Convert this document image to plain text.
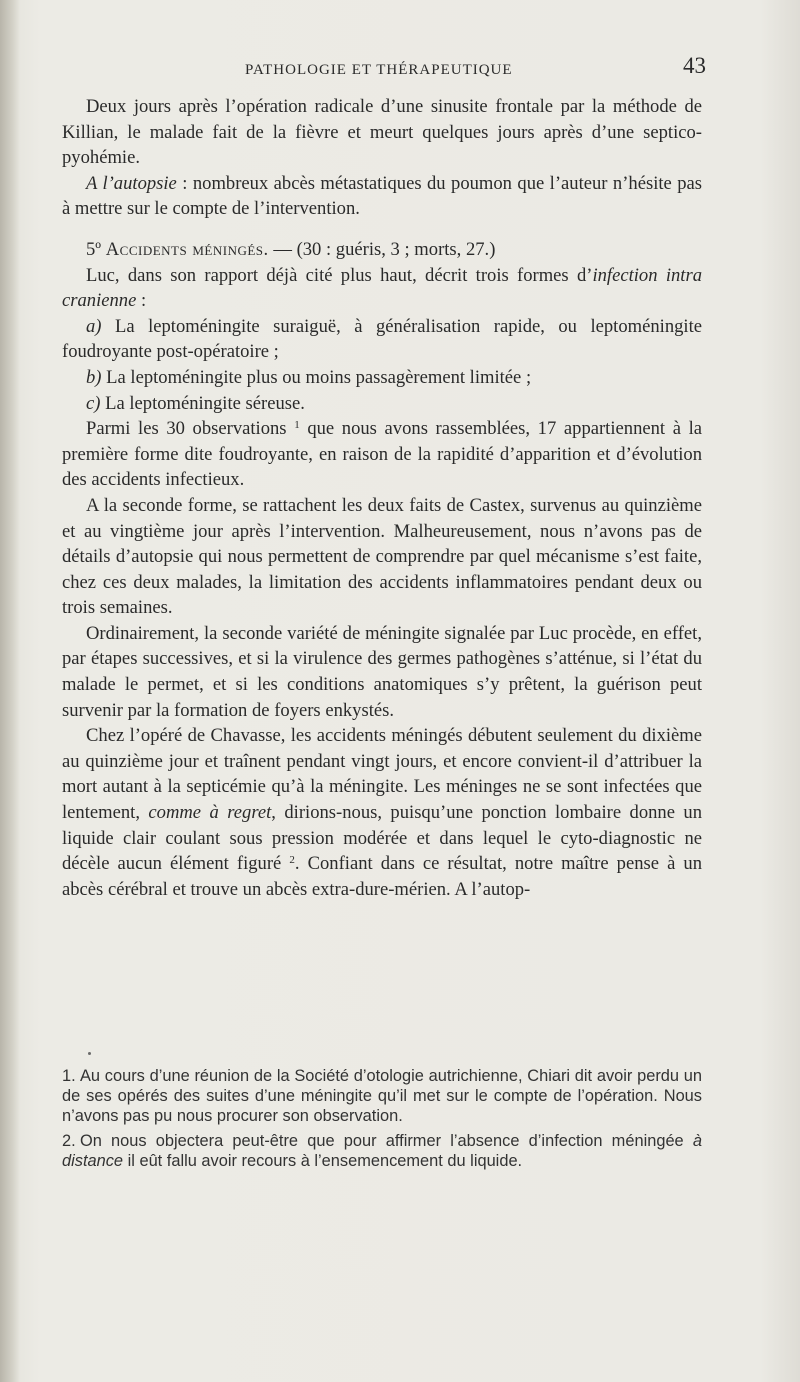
PATHOLOGIE ET THÉRAPEUTIQUE	43

Deux jours après l’opération radicale d’une sinusite frontale par la méthode de Killian, le malade fait de la fièvre et meurt quelques jours après d’une septico-pyohémie.

A l’autopsie : nombreux abcès métastatiques du poumon que l’auteur n’hésite pas à mettre sur le compte de l’intervention.

5º Accidents méningés. — (30 : guéris, 3 ; morts, 27.)

Luc, dans son rapport déjà cité plus haut, décrit trois formes d’infection intra cranienne :

a) La leptoméningite suraiguë, à généralisation rapide, ou leptoméningite foudroyante post-opératoire ;

b) La leptoméningite plus ou moins passagèrement limitée ;

c) La leptoméningite séreuse.

Parmi les 30 observations $^1$ que nous avons rassemblées, 17 appartiennent à la première forme dite foudroyante, en raison de la rapidité d’apparition et d’évolution des accidents infectieux.

A la seconde forme, se rattachent les deux faits de Castex, survenus au quinzième et au vingtième jour après l’intervention. Malheureusement, nous n’avons pas de détails d’autopsie qui nous permettent de comprendre par quel mécanisme s’est faite, chez ces deux malades, la limitation des accidents inflammatoires pendant deux ou trois semaines.

Ordinairement, la seconde variété de méningite signalée par Luc procède, en effet, par étapes successives, et si la virulence des germes pathogènes s’atténue, si l’état du malade le permet, et si les conditions anatomiques s’y prêtent, la guérison peut survenir par la formation de foyers enkystés.

Chez l’opéré de Chavasse, les accidents méningés débutent seulement du dixième au quinzième jour et traînent pendant vingt jours, et encore convient-il d’attribuer la mort autant à la septicémie qu’à la méningite. Les méninges ne se sont infectées que lentement, comme à regret, dirions-nous, puisqu’une ponction lombaire donne un liquide clair coulant sous pression modérée et dans lequel le cyto-diagnostic ne décèle aucun élément figuré $^2$. Confiant dans ce résultat, notre maître pense à un abcès cérébral et trouve un abcès extra-dure-mérien. A l’autop-

1. Au cours d’une réunion de la Société d’otologie autrichienne, Chiari dit avoir perdu un de ses opérés des suites d’une méningite qu’il met sur le compte de l’opération. Nous n’avons pas pu nous procurer son observation.

2. On nous objectera peut-être que pour affirmer l’absence d’infection méningée à distance il eût fallu avoir recours à l’ensemencement du liquide.
